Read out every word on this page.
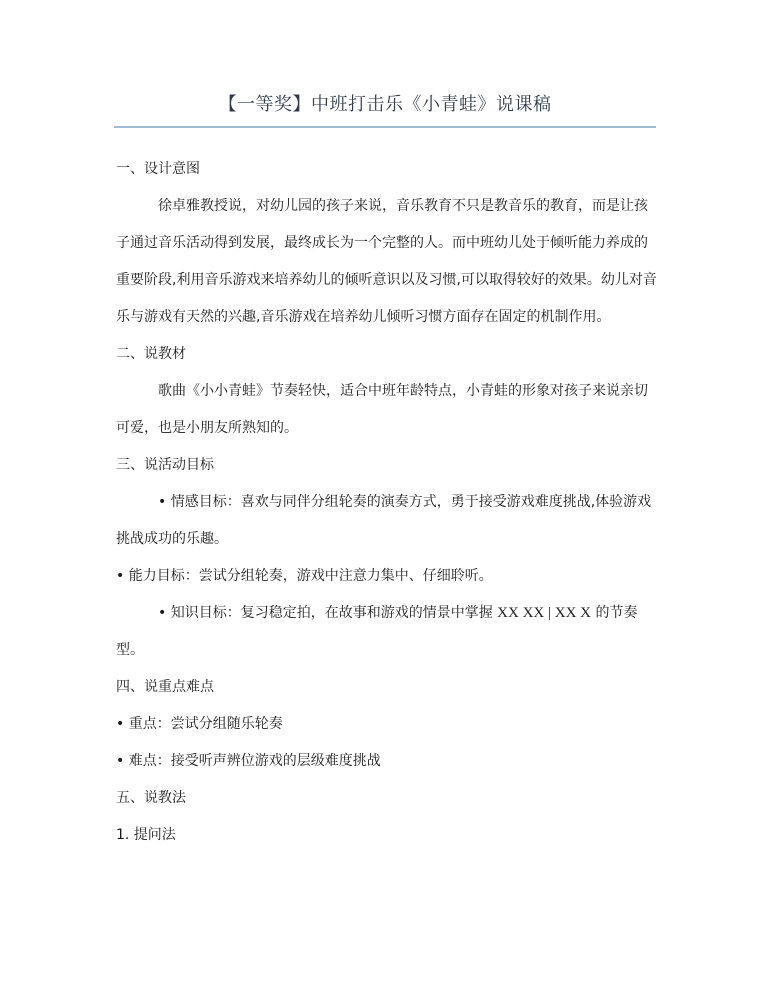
【一等奖】中班打击乐《小青蛙》说课稿

一、设计意图

徐卓雅教授说，对幼儿园的孩子来说，音乐教育不只是教音乐的教育，而是让孩子通过音乐活动得到发展，最终成长为一个完整的人。而中班幼儿处于倾听能力养成的重要阶段,利用音乐游戏来培养幼儿的倾听意识以及习惯,可以取得较好的效果。幼儿对音乐与游戏有天然的兴趣,音乐游戏在培养幼儿倾听习惯方面存在固定的机制作用。

二、说教材

歌曲《小小青蛙》节奏轻快，适合中班年龄特点，小青蛙的形象对孩子来说亲切可爱，也是小朋友所熟知的。

三、说活动目标

• 情感目标：喜欢与同伴分组轮奏的演奏方式，勇于接受游戏难度挑战,体验游戏挑战成功的乐趣。

• 能力目标：尝试分组轮奏，游戏中注意力集中、仔细聆听。

• 知识目标：复习稳定拍，在故事和游戏的情景中掌握 XX XX | XX X 的节奏型。

四、说重点难点

• 重点：尝试分组随乐轮奏

• 难点：接受听声辨位游戏的层级难度挑战

五、说教法

1. 提问法
